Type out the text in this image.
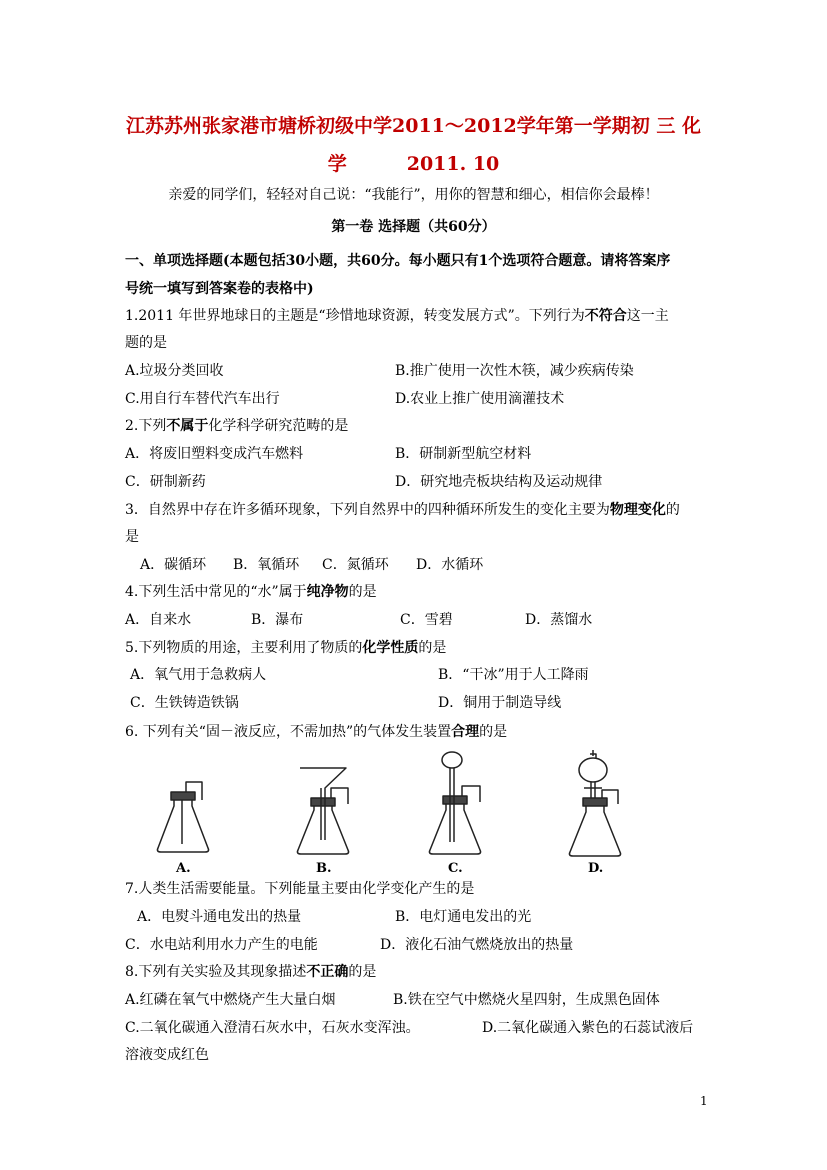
江苏苏州张家港市塘桥初级中学2011～2012学年第一学期初 三 化
学	2011. 10
亲爱的同学们，轻轻对自己说：“我能行”，用你的智慧和细心，相信你会最棒！
第一卷 选择题（共60分）
一、单项选择题(本题包括30小题，共60分。每小题只有1个选项符合题意。请将答案序
号统一填写到答案卷的表格中)
1.2011 年世界地球日的主题是“珍惜地球资源，转变发展方式”。下列行为不符合这一主
题的是
A.垃圾分类回收	B.推广使用一次性木筷，减少疾病传染
C.用自行车替代汽车出行	D.农业上推广使用滴灌技术
2.下列不属于化学科学研究范畴的是
A．将废旧塑料变成汽车燃料	B．研制新型航空材料
C．研制新药	D．研究地壳板块结构及运动规律
3．自然界中存在许多循环现象，下列自然界中的四种循环所发生的变化主要为物理变化的
是
A．碳循环 B．氧循环 C．氮循环 D．水循环
4.下列生活中常见的“水”属于纯净物的是
A．自来水	B．瀑布	C．雪碧	D．蒸馏水
5.下列物质的用途，主要利用了物质的化学性质的是
A．氧气用于急救病人	B．“干冰”用于人工降雨
C．生铁铸造铁锅	D．铜用于制造导线
6. 下列有关“固－液反应，不需加热”的气体发生装置合理的是
A.	B.	C.	D.
7.人类生活需要能量。下列能量主要由化学变化产生的是
A．电熨斗通电发出的热量	B．电灯通电发出的光
C．水电站利用水力产生的电能	D．液化石油气燃烧放出的热量
8.下列有关实验及其现象描述不正确的是
A.红磷在氧气中燃烧产生大量白烟	B.铁在空气中燃烧火星四射，生成黑色固体
C.二氧化碳通入澄清石灰水中，石灰水变浑浊。	D.二氧化碳通入紫色的石蕊试液后
溶液变成红色
1
